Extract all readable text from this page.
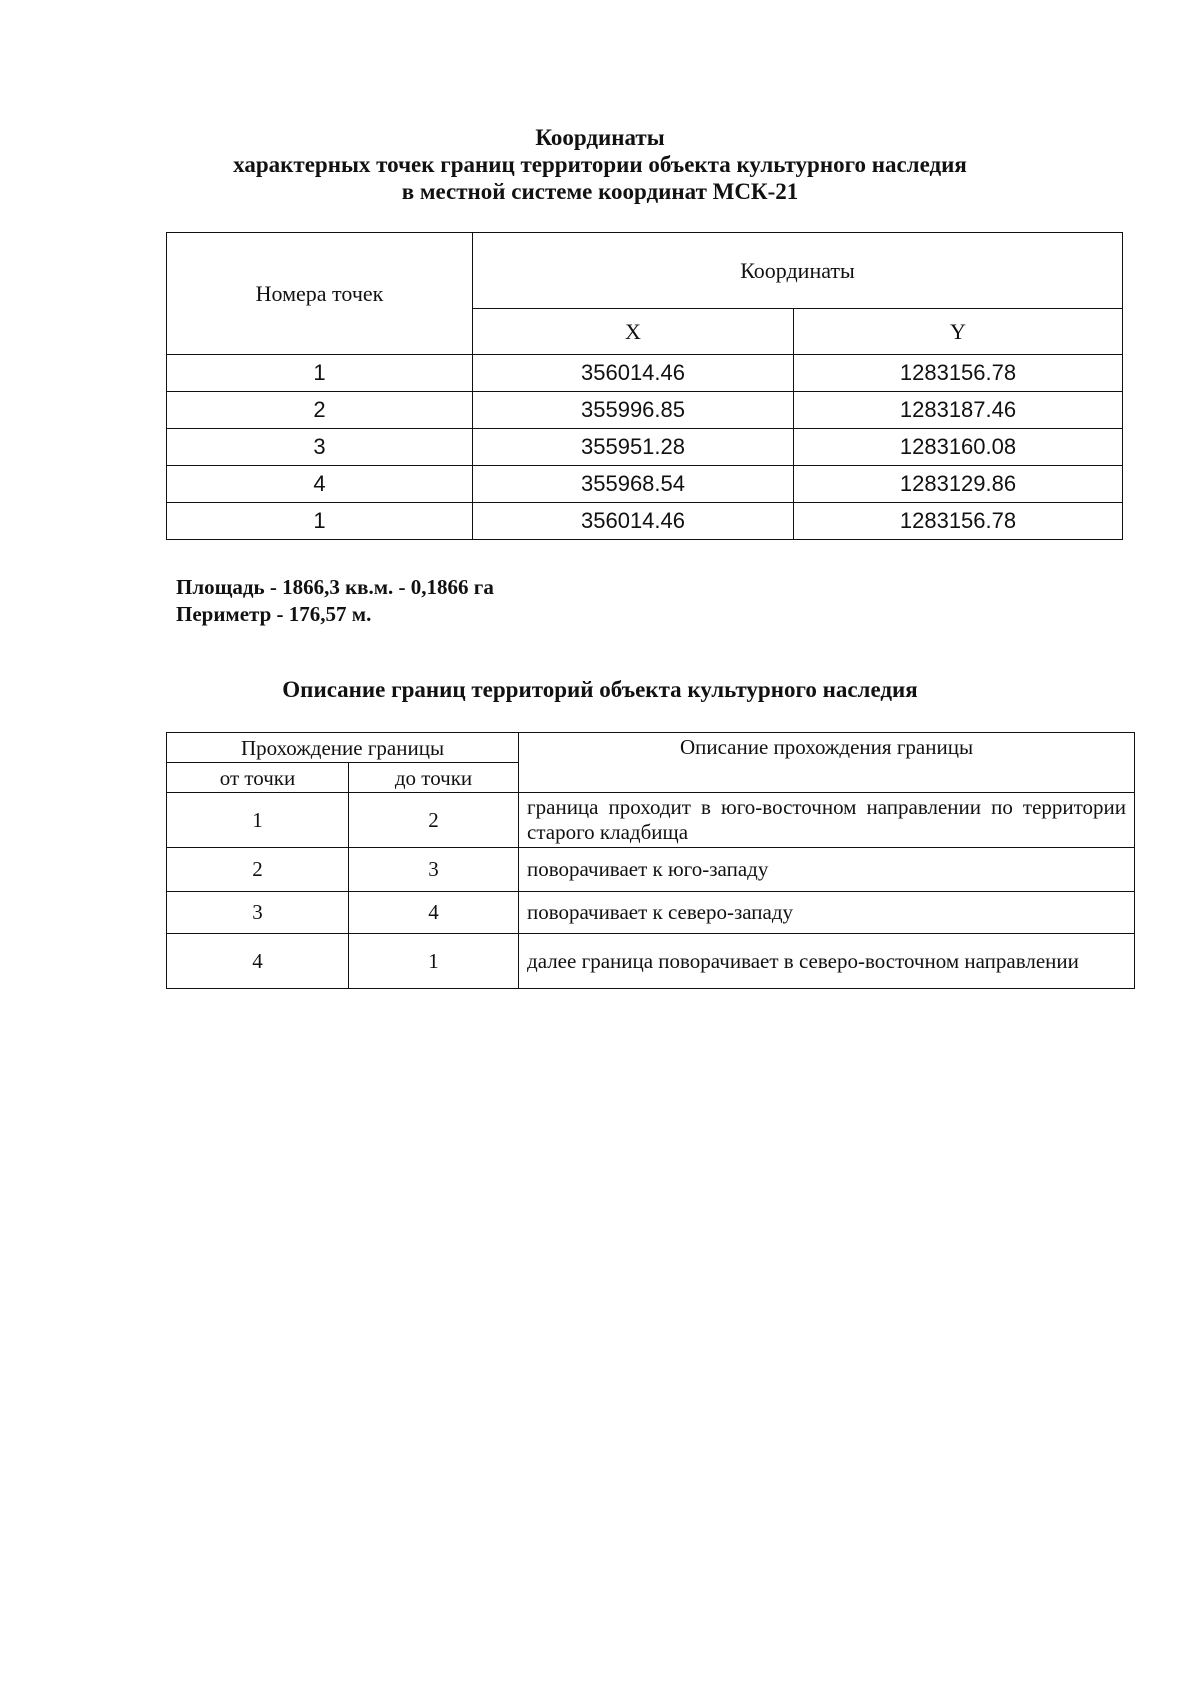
Координаты
характерных точек границ территории объекта культурного наследия
в местной системе координат МСК-21
Номера точек	Координаты	
	X	Y
1	356014.46	1283156.78
2	355996.85	1283187.46
3	355951.28	1283160.08
4	355968.54	1283129.86
1	356014.46	1283156.78
Площадь - 1866,3 кв.м. - 0,1866 га
Периметр - 176,57 м.
Описание границ территорий объекта культурного наследия
Прохождение границы		Описание прохождения границы
от точки	до точки	
1	2	граница проходит в юго-восточном направлении по территории старого кладбища
2	3	поворачивает к юго-западу
3	4	поворачивает к северо-западу
4	1	далее граница поворачивает в северо-восточном направлении
